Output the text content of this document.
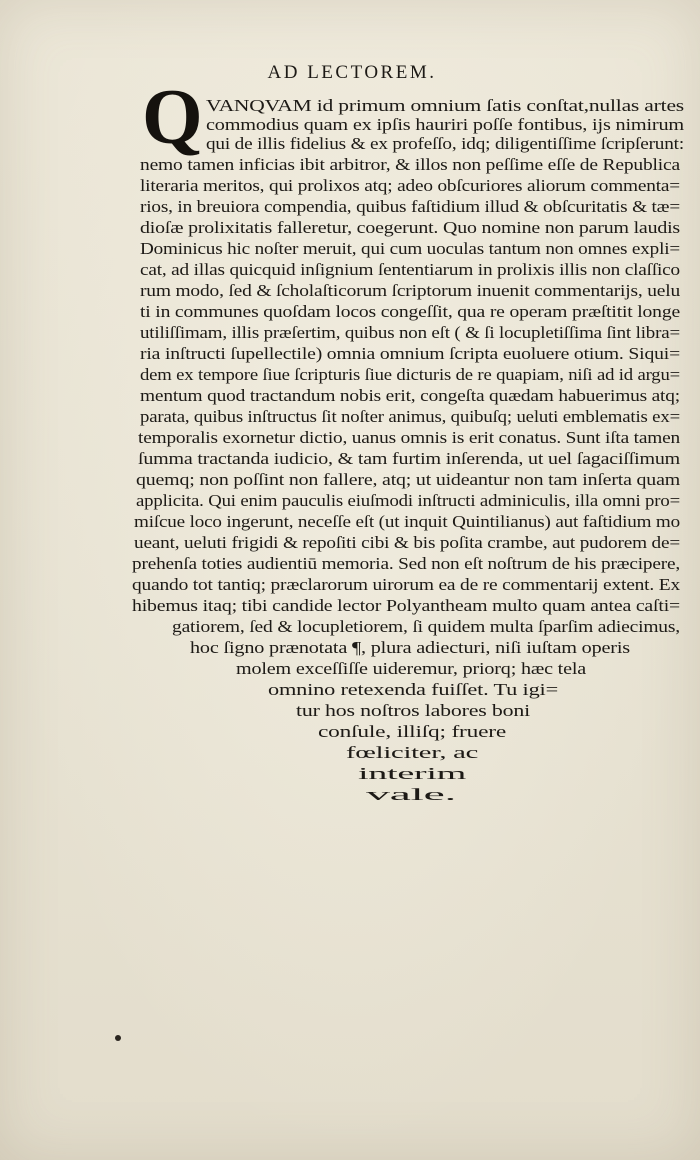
AD LECTOREM.
Q VANQVAM id primum omnium ſatis conſtat,nullas artes
commodius quam ex ipſis hauriri poſſe fontibus, ijs nimirum
qui de illis fidelius & ex profeſſo, idq; diligentiſſime ſcripſerunt:
nemo tamen inficias ibit arbitror, & illos non peſſime eſſe de Republica
literaria meritos, qui prolixos atq; adeo obſcuriores aliorum commenta=
rios, in breuiora compendia, quibus faſtidium illud & obſcuritatis & tæ=
dioſæ prolixitatis falleretur, coegerunt. Quo nomine non parum laudis
Dominicus hic noſter meruit, qui cum uoculas tantum non omnes expli=
cat, ad illas quicquid inſignium ſententiarum in prolixis illis non claſſico
rum modo, ſed & ſcholaſticorum ſcriptorum inuenit commentarijs, uelu
ti in communes quoſdam locos congeſſit, qua re operam præſtitit longe
utiliſſimam, illis præſertim, quibus non eſt ( & ſi locupletiſſima ſint libra=
ria inſtructi ſupellectile) omnia omnium ſcripta euoluere otium. Siqui=
dem ex tempore ſiue ſcripturis ſiue dicturis de re quapiam, niſi ad id argu=
mentum quod tractandum nobis erit, congeſta quædam habuerimus atq;
parata, quibus inſtructus ſit noſter animus, quibuſq; ueluti emblematis ex=
temporalis exornetur dictio, uanus omnis is erit conatus. Sunt iſta tamen
ſumma tractanda iudicio, & tam furtim inſerenda, ut uel ſagaciſſimum
quemq; non poſſint non fallere, atq; ut uideantur non tam inſerta quam
applicita. Qui enim pauculis eiuſmodi inſtructi adminiculis, illa omni pro=
miſcue loco ingerunt, neceſſe eſt (ut inquit Quintilianus) aut faſtidium mo
ueant, ueluti frigidi & repoſiti cibi & bis poſita crambe, aut pudorem de=
prehenſa toties audientiū memoria. Sed non eſt noſtrum de his præcipere,
quando tot tantiq; præclarorum uirorum ea de re commentarij extent. Ex
hibemus itaq; tibi candide lector Polyantheam multo quam antea caſti=
gatiorem, ſed & locupletiorem, ſi quidem multa ſparſim adiecimus,
hoc ſigno prænotata ¶, plura adiecturi, niſi iuſtam operis
molem exceſſiſſe uideremur, priorq; hæc tela
omnino retexenda fuiſſet. Tu igi=
tur hos noſtros labores boni
conſule, illiſq; fruere
fœliciter, ac
interim
vale.
